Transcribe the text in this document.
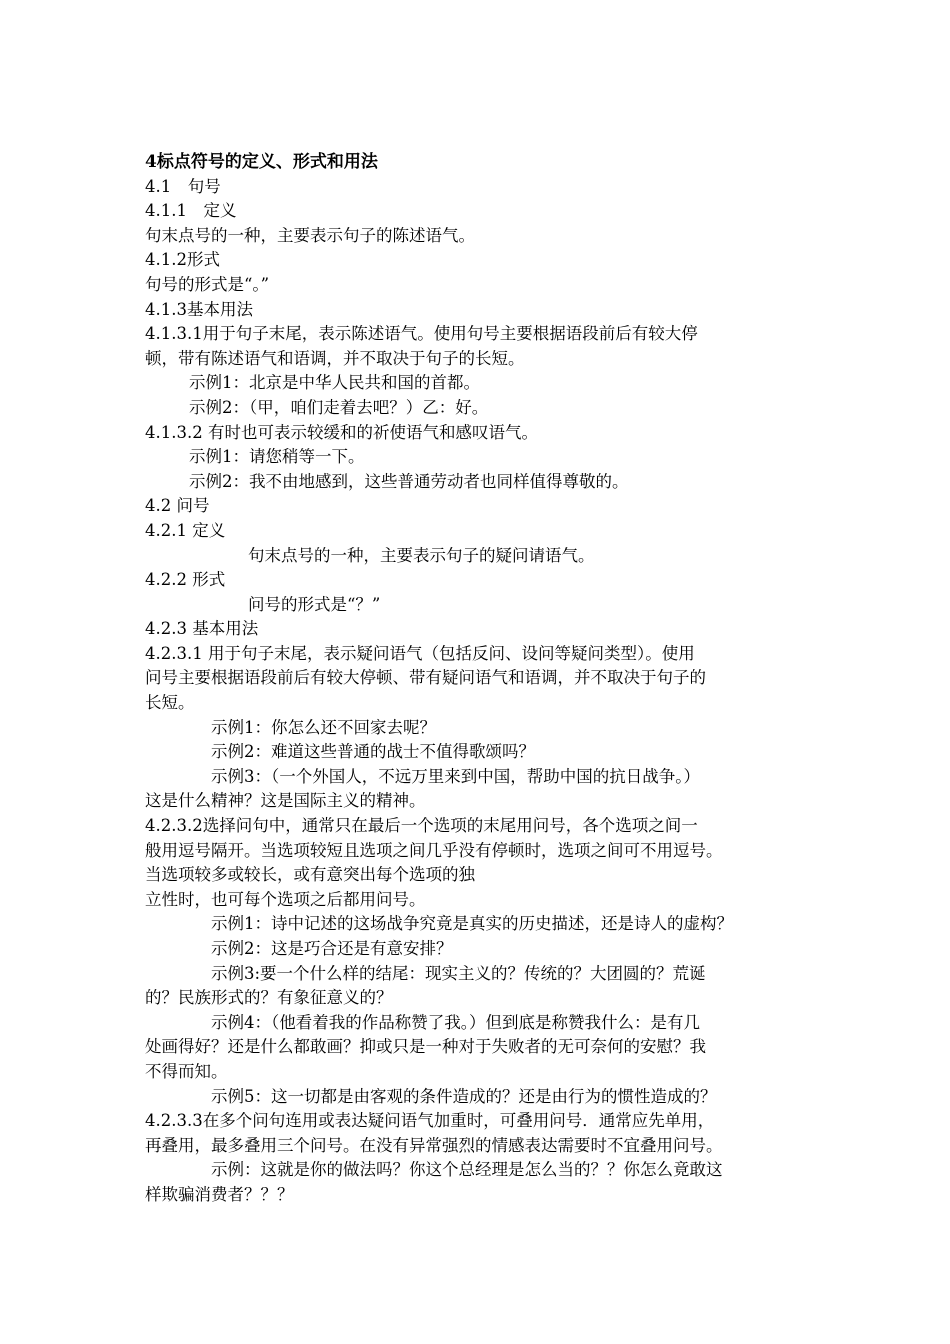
4标点符号的定义、形式和用法
4.1　句号
4.1.1　定义
句末点号的一种，主要表示句子的陈述语气。
4.1.2形式
句号的形式是“。”
4.1.3基本用法
4.1.3.1用于句子末尾，表示陈述语气。使用句号主要根据语段前后有较大停
顿，带有陈述语气和语调，并不取决于句子的长短。
示例1：北京是中华人民共和国的首都。
示例2：（甲，咱们走着去吧？）乙：好。
4.1.3.2 有时也可表示较缓和的祈使语气和感叹语气。
示例1：请您稍等一下。
示例2：我不由地感到，这些普通劳动者也同样值得尊敬的。
4.2 问号
4.2.1 定义
句末点号的一种，主要表示句子的疑问请语气。
4.2.2 形式
问号的形式是“？”
4.2.3 基本用法
4.2.3.1 用于句子末尾，表示疑问语气（包括反问、设问等疑问类型）。使用
问号主要根据语段前后有较大停顿、带有疑问语气和语调，并不取决于句子的
长短。
示例1：你怎么还不回家去呢？
示例2：难道这些普通的战士不值得歌颂吗？
示例3：（一个外国人，不远万里来到中国，帮助中国的抗日战争。）
这是什么精神？这是国际主义的精神。
4.2.3.2选择问句中，通常只在最后一个选项的末尾用问号，各个选项之间一
般用逗号隔开。当选项较短且选项之间几乎没有停顿时，选项之间可不用逗号。
当选项较多或较长，或有意突出每个选项的独
立性时，也可每个选项之后都用问号。
示例1：诗中记述的这场战争究竟是真实的历史描述，还是诗人的虚构？
示例2：这是巧合还是有意安排？
示例3:要一个什么样的结尾：现实主义的？传统的？大团圆的？荒诞
的？民族形式的？有象征意义的？
示例4：（他看着我的作品称赞了我。）但到底是称赞我什么：是有几
处画得好？还是什么都敢画？抑或只是一种对于失败者的无可奈何的安慰？我
不得而知。
示例5：这一切都是由客观的条件造成的？还是由行为的惯性造成的？
4.2.3.3在多个问句连用或表达疑问语气加重时，可叠用问号．通常应先单用，
再叠用，最多叠用三个问号。在没有异常强烈的情感表达需要时不宜叠用问号。
示例：这就是你的做法吗？你这个总经理是怎么当的？？你怎么竟敢这
样欺骗消费者？？？
